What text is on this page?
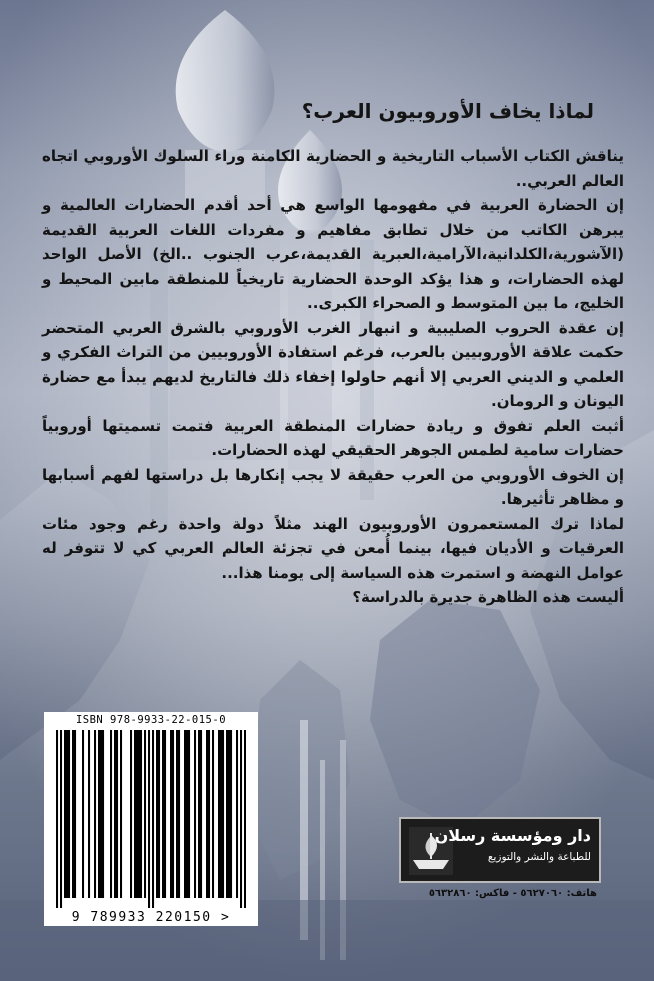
لماذا يخاف الأوروبيون العرب؟

يناقش الكتاب الأسباب التاريخية و الحضارية الكامنة وراء السلوك الأوروبي اتجاه العالم العربي..

إن الحضارة العربية في مفهومها الواسع هي أحد أقدم الحضارات العالمية و يبرهن الكاتب من خلال تطابق مفاهيم و مفردات اللغات العربية القديمة (الآشورية،الكلدانية،الآرامية،العبرية القديمة،عرب الجنوب ..الخ) الأصل الواحد لهذه الحضارات، و هذا يؤكد الوحدة الحضارية تاريخياً للمنطقة مابين المحيط و الخليج، ما بين المتوسط و الصحراء الكبرى..

إن عقدة الحروب الصليبية و انبهار الغرب الأوروبي بالشرق العربي المتحضر حكمت علاقة الأوروبيين بالعرب، فرغم استفادة الأوروبيين من التراث الفكري و العلمي و الديني العربي إلا أنهم حاولوا إخفاء ذلك فالتاريخ لديهم يبدأ مع حضارة اليونان و الرومان.

أثبت العلم تفوق و ريادة حضارات المنطقة العربية فتمت تسميتها أوروبياً حضارات سامية لطمس الجوهر الحقيقي لهذه الحضارات.

إن الخوف الأوروبي من العرب حقيقة لا يجب إنكارها بل دراستها لفهم أسبابها و مظاهر تأثيرها.

لماذا ترك المستعمرون الأوروبيون الهند مثلاً دولة واحدة رغم وجود مئات العرقيات و الأديان فيها، بينما أُمعن في تجزئة العالم العربي كي لا تتوفر له عوامل النهضة و استمرت هذه السياسة إلى يومنا هذا...

أليست هذه الظاهرة جديرة بالدراسة؟

ISBN 978-9933-22-015-0
9 789933 220150 >
دار ومؤسسة رسلان
للطباعة والنشر والتوزيع
هاتف: ٥٦٢٧٠٦٠ - فاكس: ٥٦٣٢٨٦٠
